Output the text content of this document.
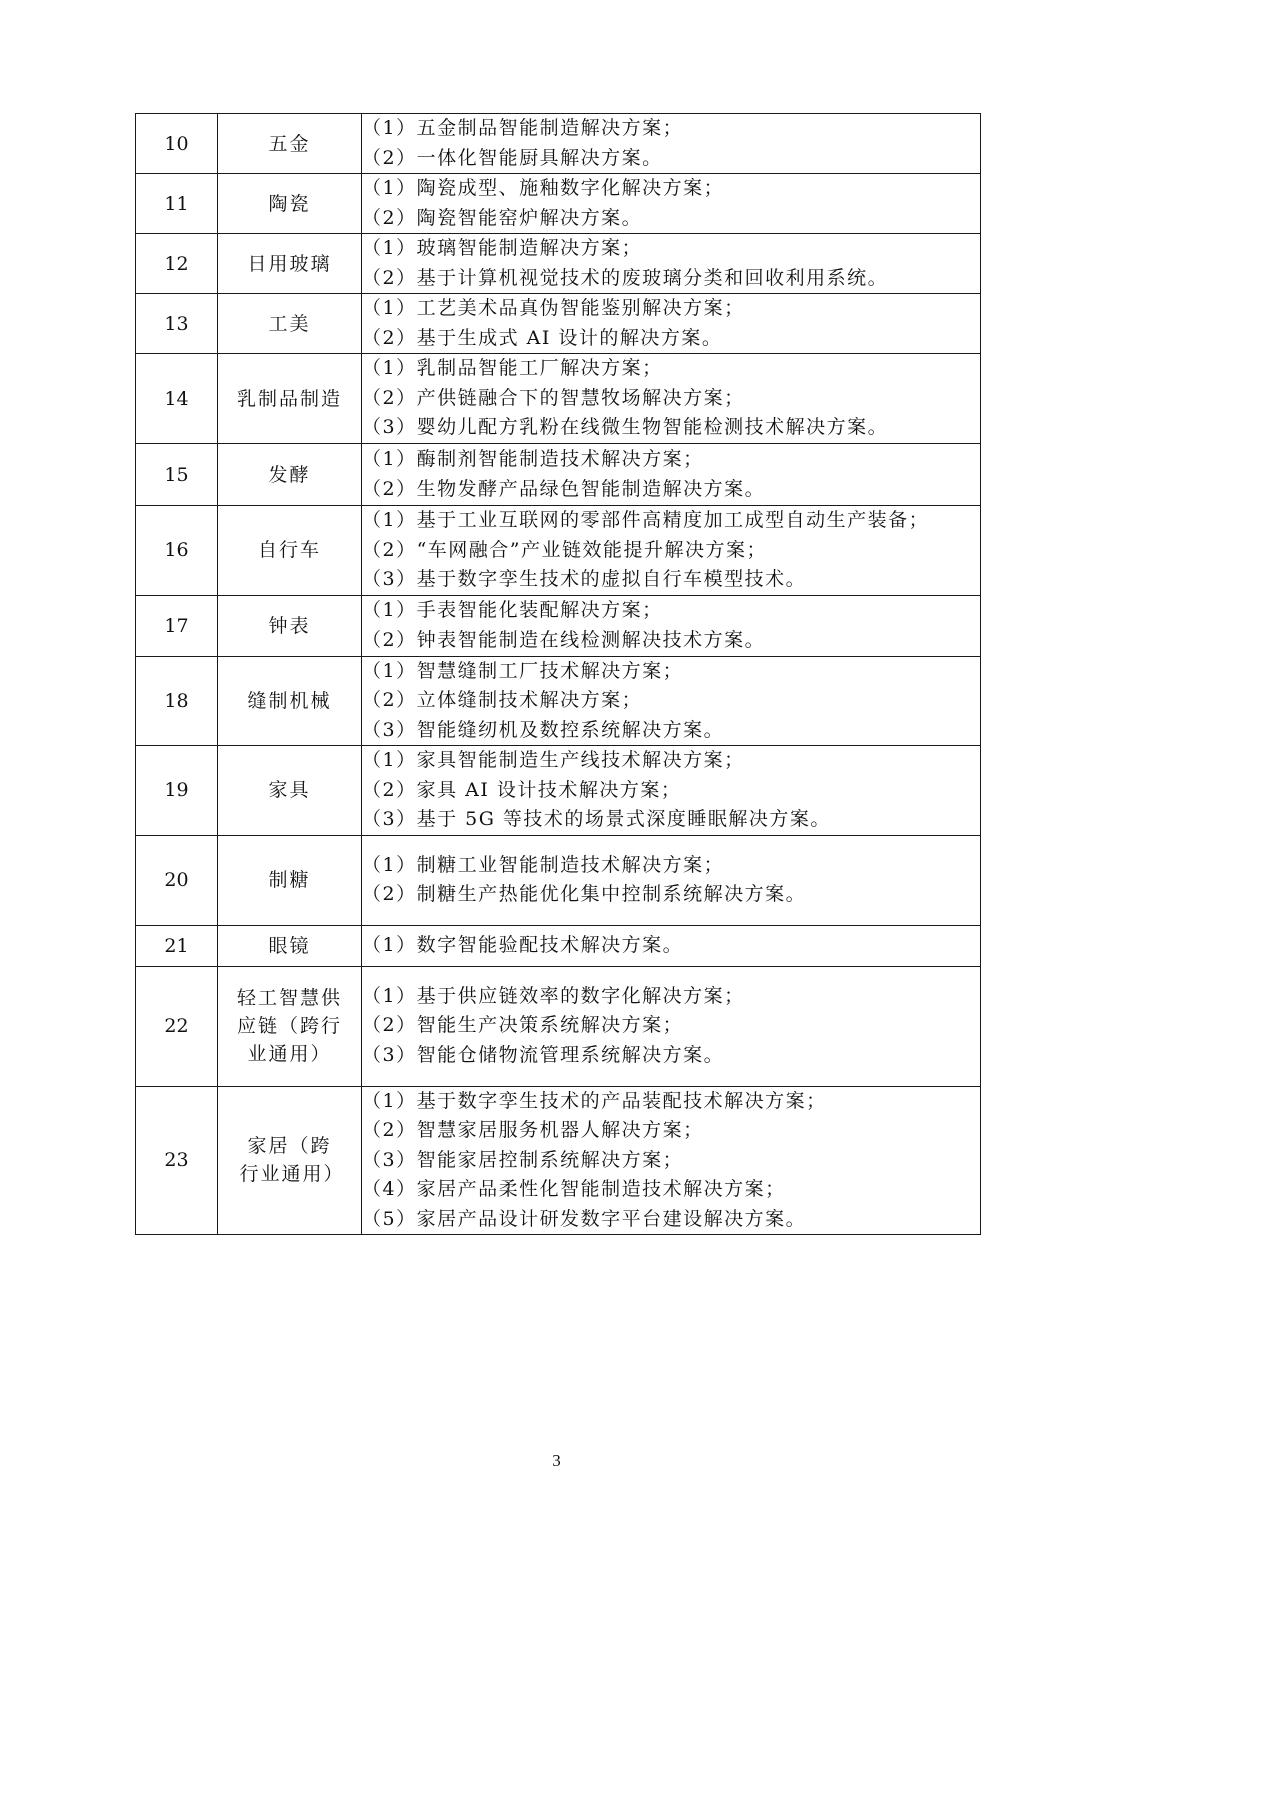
10	五金	（1）五金制品智能制造解决方案；
（2）一体化智能厨具解决方案。

11	陶瓷	（1）陶瓷成型、施釉数字化解决方案；
（2）陶瓷智能窑炉解决方案。

12	日用玻璃	（1）玻璃智能制造解决方案；
（2）基于计算机视觉技术的废玻璃分类和回收利用系统。

13	工美	（1）工艺美术品真伪智能鉴别解决方案；
（2）基于生成式 AI 设计的解决方案。

14	乳制品制造	（1）乳制品智能工厂解决方案；
（2）产供链融合下的智慧牧场解决方案；
（3）婴幼儿配方乳粉在线微生物智能检测技术解决方案。

15	发酵	（1）酶制剂智能制造技术解决方案；
（2）生物发酵产品绿色智能制造解决方案。

16	自行车	（1）基于工业互联网的零部件高精度加工成型自动生产装备；
（2）“车网融合”产业链效能提升解决方案；
（3）基于数字孪生技术的虚拟自行车模型技术。

17	钟表	（1）手表智能化装配解决方案；
（2）钟表智能制造在线检测解决技术方案。

18	缝制机械	（1）智慧缝制工厂技术解决方案；
（2）立体缝制技术解决方案；
（3）智能缝纫机及数控系统解决方案。

19	家具	（1）家具智能制造生产线技术解决方案；
（2）家具 AI 设计技术解决方案；
（3）基于 5G 等技术的场景式深度睡眠解决方案。

20	制糖	（1）制糖工业智能制造技术解决方案；
（2）制糖生产热能优化集中控制系统解决方案。

21	眼镜	（1）数字智能验配技术解决方案。

22	轻工智慧供应链（跨行业通用）	（1）基于供应链效率的数字化解决方案；
（2）智能生产决策系统解决方案；
（3）智能仓储物流管理系统解决方案。

23	家居（跨行业通用）	（1）基于数字孪生技术的产品装配技术解决方案；
（2）智慧家居服务机器人解决方案；
（3）智能家居控制系统解决方案；
（4）家居产品柔性化智能制造技术解决方案；
（5）家居产品设计研发数字平台建设解决方案。
3
